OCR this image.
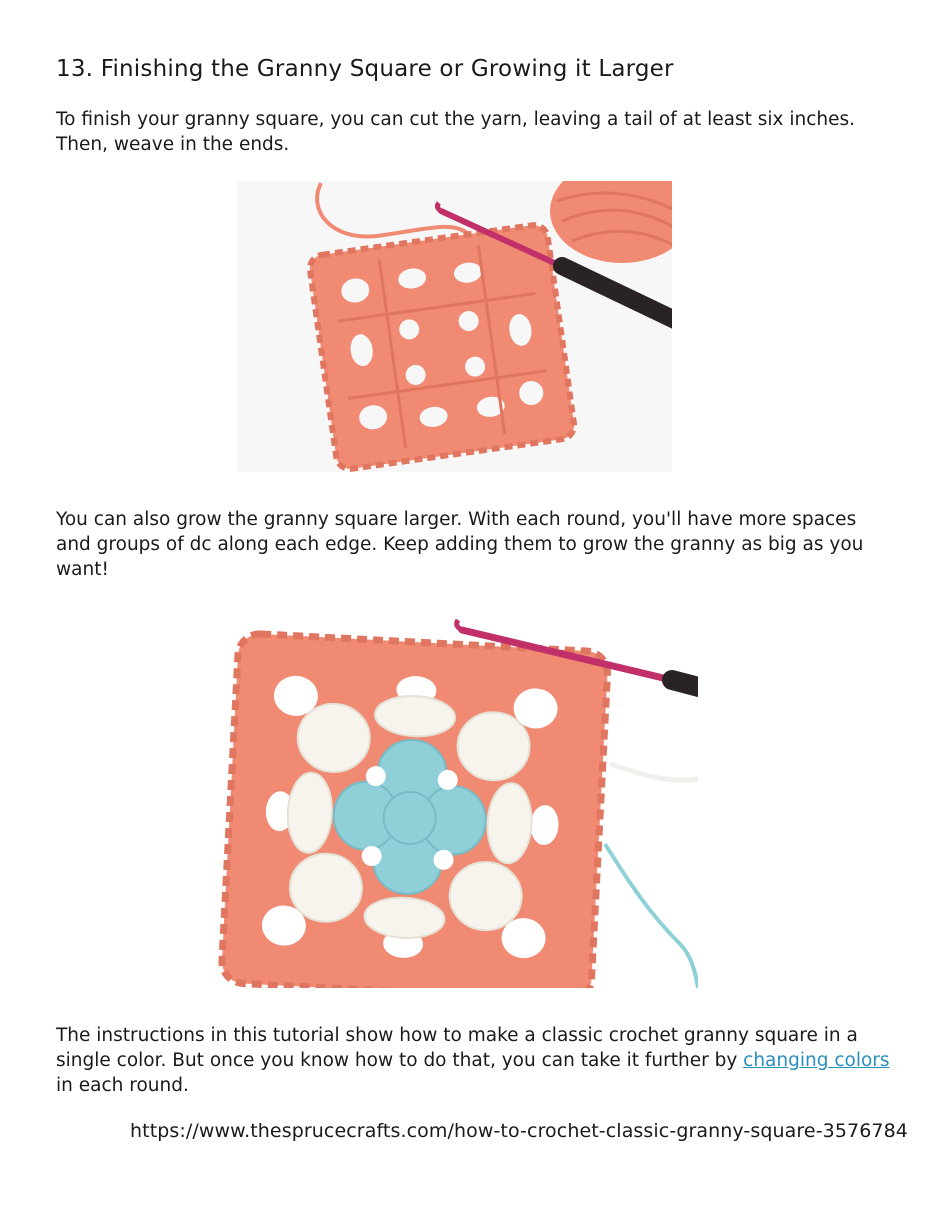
13. Finishing the Granny Square or Growing it Larger

To finish your granny square, you can cut the yarn, leaving a tail of at least six inches. Then, weave in the ends.

You can also grow the granny square larger. With each round, you'll have more spaces and groups of dc along each edge. Keep adding them to grow the granny as big as you want!

The instructions in this tutorial show how to make a classic crochet granny square in a single color. But once you know how to do that, you can take it further by changing colors in each round.

https://www.thesprucecrafts.com/how-to-crochet-classic-granny-square-3576784
